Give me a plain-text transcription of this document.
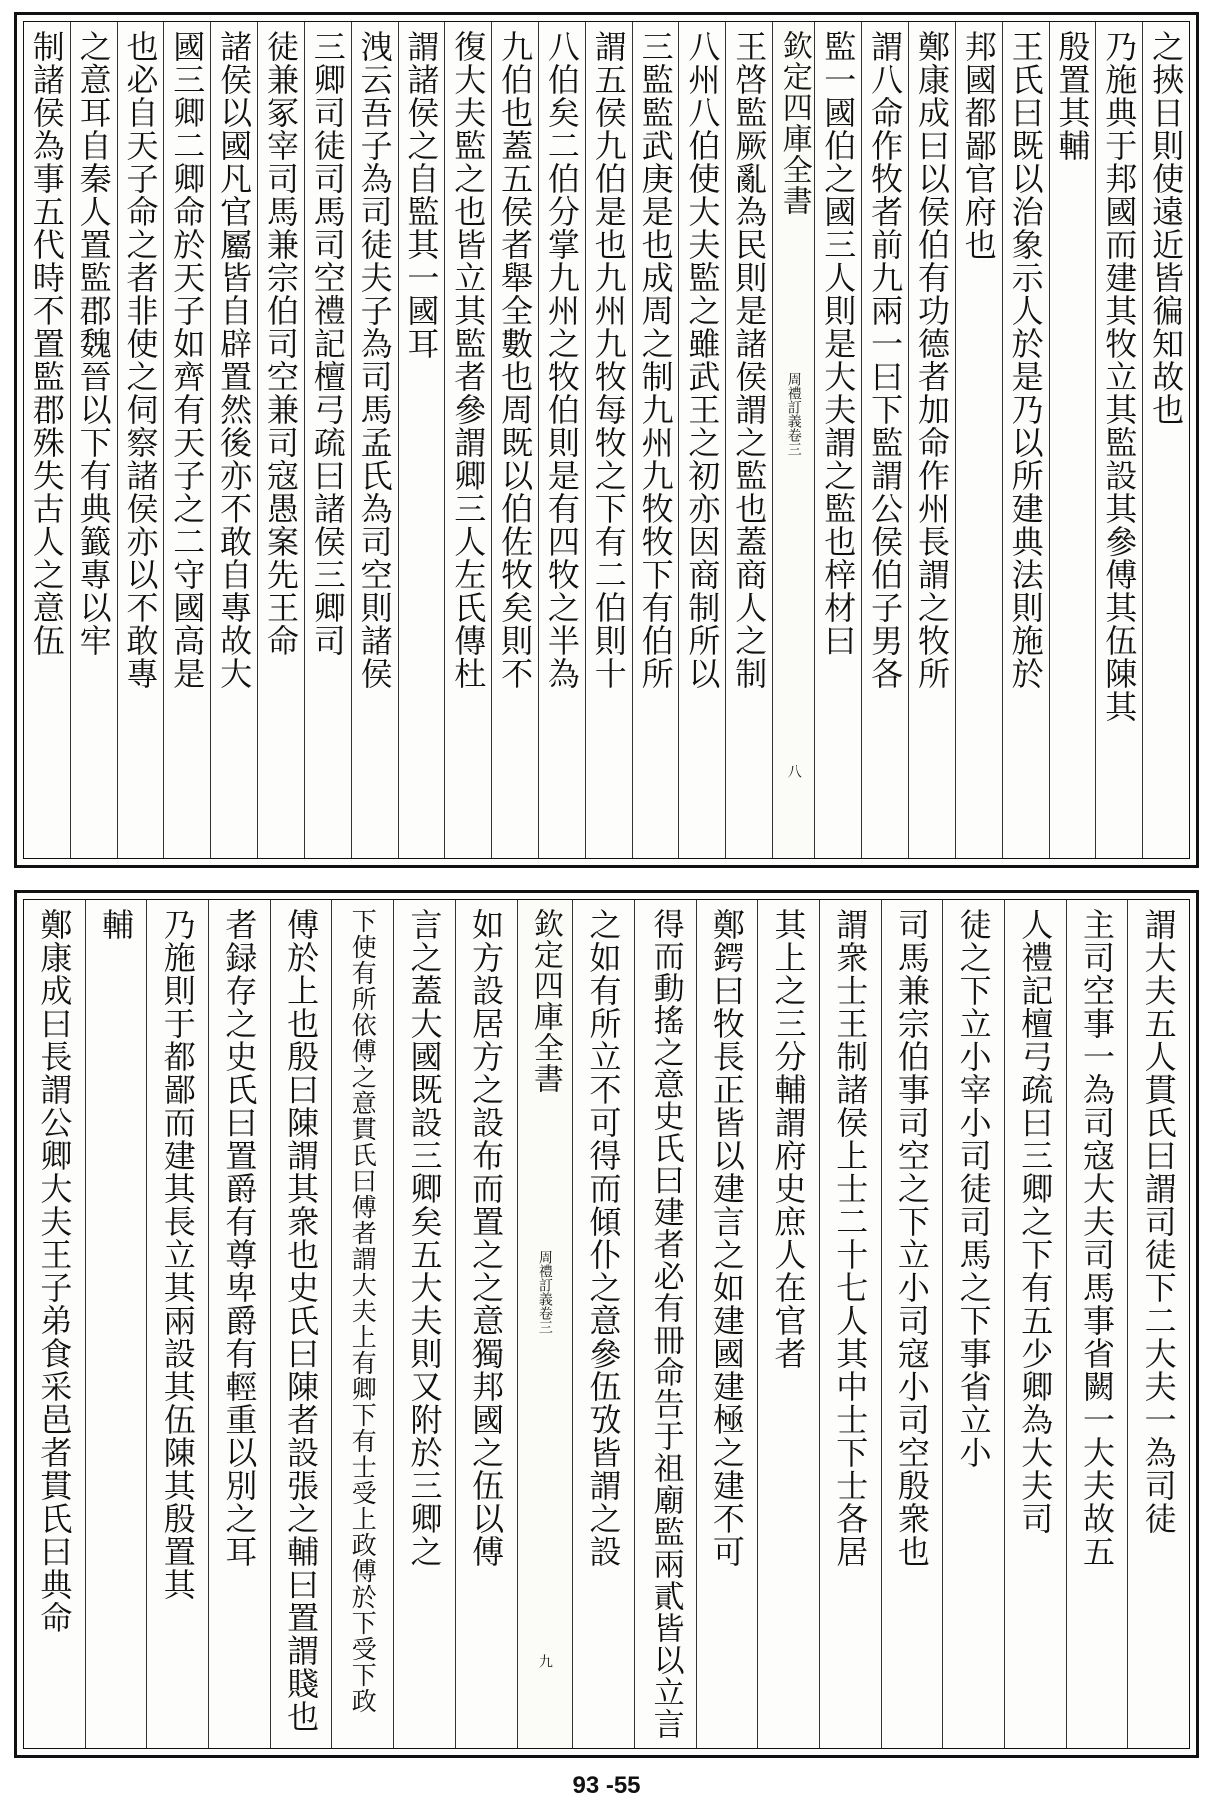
之挾日則使遠近皆徧知故也
乃施典于邦國而建其牧立其監設其參傅其伍陳其
殷置其輔
王氏曰既以治象示人於是乃以所建典法則施於
邦國都鄙官府也
鄭康成曰以侯伯有功德者加命作州長謂之牧所
謂八命作牧者前九兩一曰下監謂公侯伯子男各
監一國伯之國三人則是大夫謂之監也梓材曰
欽定四庫全書
周禮訂義卷三
八
王啓監厥亂為民則是諸侯謂之監也蓋商人之制
八州八伯使大夫監之雖武王之初亦因商制所以
三監監武庚是也成周之制九州九牧牧下有伯所
謂五侯九伯是也九州九牧每牧之下有二伯則十
八伯矣二伯分掌九州之牧伯則是有四牧之半為
九伯也蓋五侯者舉全數也周既以伯佐牧矣則不
復大夫監之也皆立其監者參謂卿三人左氏傳杜
謂諸侯之自監其一國耳
洩云吾子為司徒夫子為司馬孟氏為司空則諸侯
三卿司徒司馬司空禮記檀弓疏曰諸侯三卿司
徒兼冢宰司馬兼宗伯司空兼司寇愚案先王命
諸侯以國凡官屬皆自辟置然後亦不敢自專故大
國三卿二卿命於天子如齊有天子之二守國高是
也必自天子命之者非使之伺察諸侯亦以不敢專
之意耳自秦人置監郡魏晉以下有典籖專以牢
制諸侯為事五代時不置監郡殊失古人之意伍
謂大夫五人貫氏曰謂司徒下二大夫一為司徒
主司空事一為司寇大夫司馬事省闕一大夫故五
人禮記檀弓疏曰三卿之下有五少卿為大夫司
徒之下立小宰小司徒司馬之下事省立小
司馬兼宗伯事司空之下立小司寇小司空殷衆也
謂衆士王制諸侯上士二十七人其中士下士各居
其上之三分輔謂府史庶人在官者
鄭鍔曰牧長正皆以建言之如建國建極之建不可
得而動搖之意史氏曰建者必有冊命告于祖廟監兩貳皆以立言
之如有所立不可得而傾仆之意參伍攷皆謂之設
欽定四庫全書
周禮訂義卷三
九
如方設居方之設布而置之之意獨邦國之伍以傅
言之蓋大國既設三卿矣五大夫則又附於三卿之
下使有所依傅之意貫氏曰傅者謂大夫上有卿下有士受上政傅於下受下政
傅於上也殷曰陳謂其衆也史氏曰陳者設張之輔曰置謂賤也
者録存之史氏曰置爵有尊卑爵有輕重以別之耳
乃施則于都鄙而建其長立其兩設其伍陳其殷置其
輔
鄭康成曰長謂公卿大夫王子弟食采邑者貫氏曰典命
93 -55
